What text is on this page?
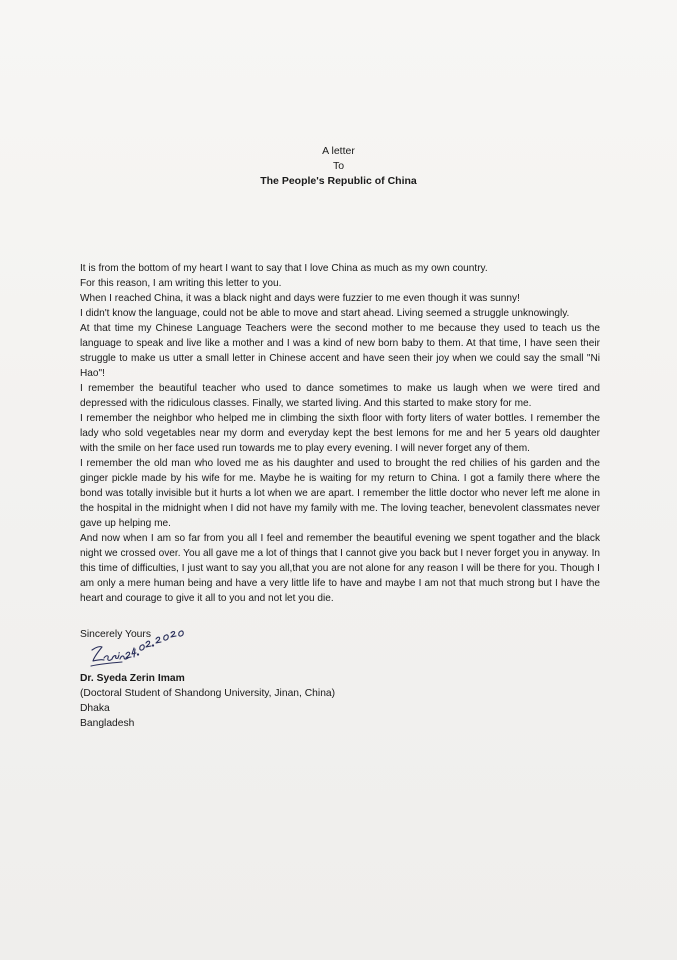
A letter
To
The People's Republic of China

It is from the bottom of my heart I want to say that I love China as much as my own country.

For this reason, I am writing this letter to you.

When I reached China, it was a black night and days were fuzzier to me even though it was sunny!

I didn't know the language, could not be able to move and start ahead. Living seemed a struggle unknowingly.

At that time my Chinese Language Teachers were the second mother to me because they used to teach us the language to speak and live like a mother and I was a kind of new born baby to them. At that time, I have seen their struggle to make us utter a small letter in Chinese accent and have seen their joy when we could say the small "Ni Hao"!

I remember the beautiful teacher who used to dance sometimes to make us laugh when we were tired and depressed with the ridiculous classes. Finally, we started living. And this started to make story for me.

I remember the neighbor who helped me in climbing the sixth floor with forty liters of water bottles. I remember the lady who sold vegetables near my dorm and everyday kept the best lemons for me and her 5 years old daughter with the smile on her face used run towards me to play every evening. I will never forget any of them.

I remember the old man who loved me as his daughter and used to brought the red chilies of his garden and the ginger pickle made by his wife for me. Maybe he is waiting for my return to China. I got a family there where the bond was totally invisible but it hurts a lot when we are apart. I remember the little doctor who never left me alone in the hospital in the midnight when I did not have my family with me. The loving teacher, benevolent classmates never gave up helping me.

And now when I am so far from you all I feel and remember the beautiful evening we spent togather and the black night we crossed over. You all gave me a lot of things that I cannot give you back but I never forget you in anyway. In this time of difficulties, I just want to say you all,that you are not alone for any reason I will be there for you. Though I am only a mere human being and have a very little life to have and maybe I am not that much strong but I have the heart and courage to give it all to you and not let you die.

Sincerely Yours
Dr. Syeda Zerin Imam
(Doctoral Student of Shandong University, Jinan, China)
Dhaka
Bangladesh
